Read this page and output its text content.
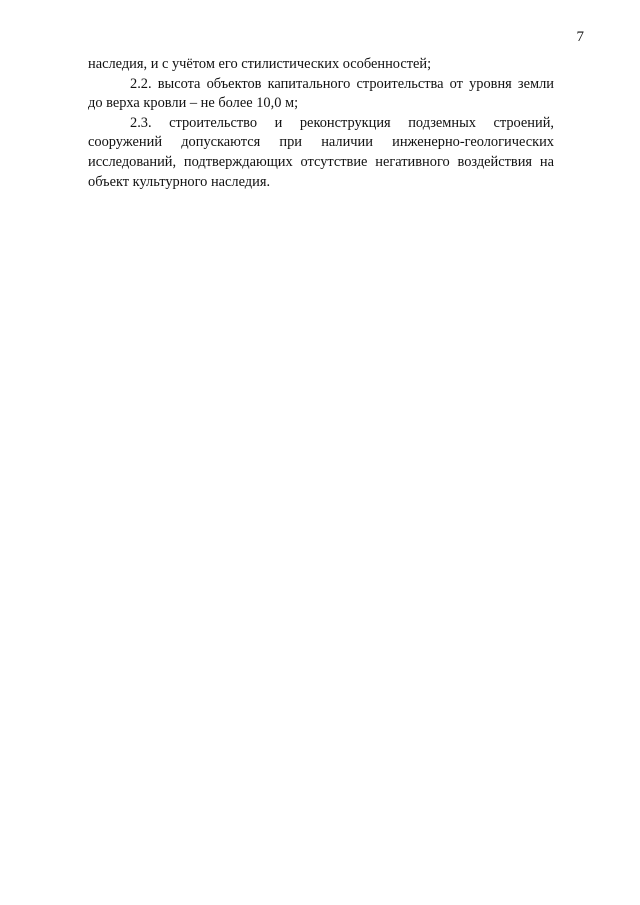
7

наследия, и с учётом его стилистических особенностей;

2.2. высота объектов капитального строительства от уровня земли до верха кровли – не более 10,0 м;

2.3. строительство и реконструкция подземных строений, сооружений допускаются при наличии инженерно-геологических исследований, подтверждающих отсутствие негативного воздействия на объект культурного наследия.
